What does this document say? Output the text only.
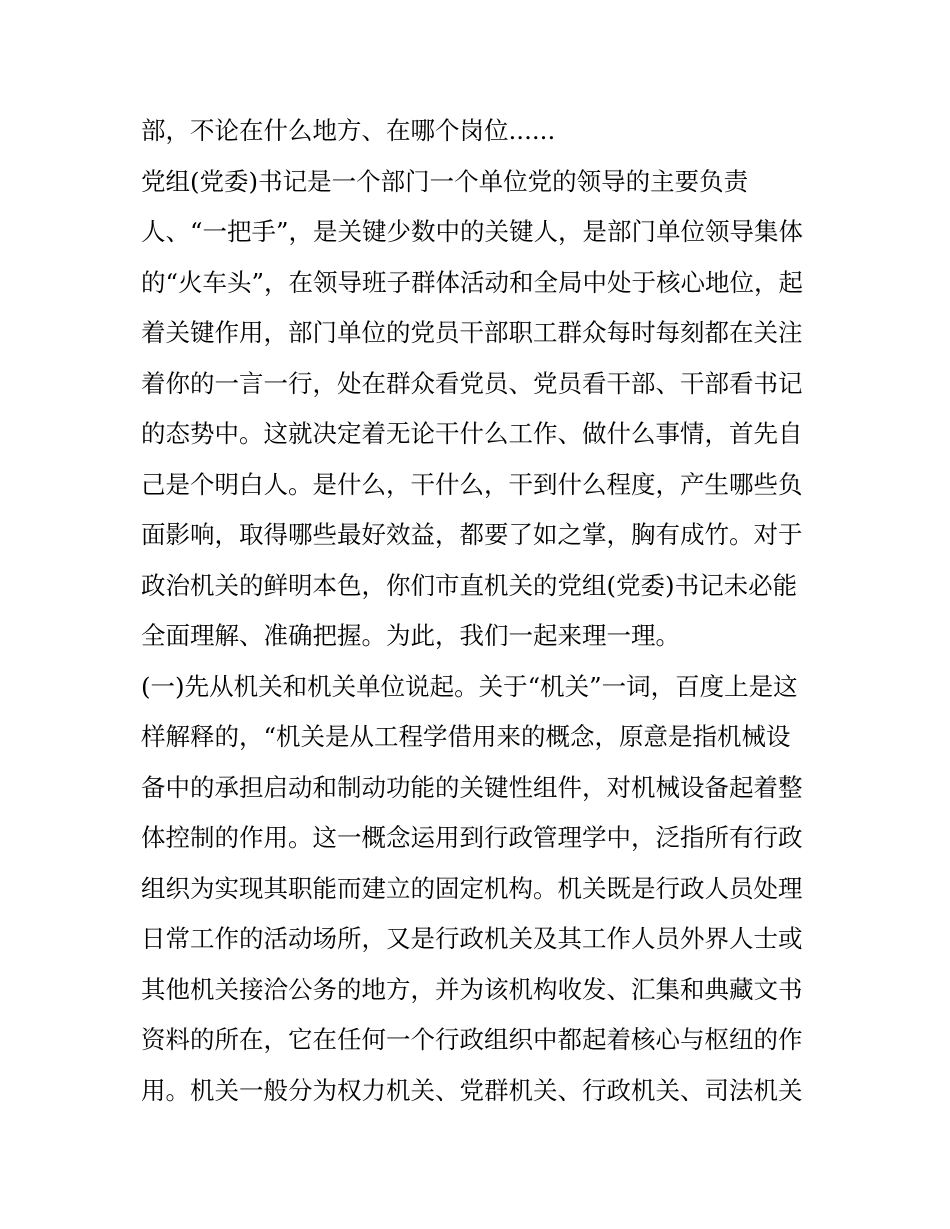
部，不论在什么地方、在哪个岗位......
党组(党委)书记是一个部门一个单位党的领导的主要负责
人、“一把手”，是关键少数中的关键人，是部门单位领导集体
的“火车头”，在领导班子群体活动和全局中处于核心地位，起
着关键作用，部门单位的党员干部职工群众每时每刻都在关注
着你的一言一行，处在群众看党员、党员看干部、干部看书记
的态势中。这就决定着无论干什么工作、做什么事情，首先自
己是个明白人。是什么，干什么，干到什么程度，产生哪些负
面影响，取得哪些最好效益，都要了如之掌，胸有成竹。对于
政治机关的鲜明本色，你们市直机关的党组(党委)书记未必能
全面理解、准确把握。为此，我们一起来理一理。
(一)先从机关和机关单位说起。关于“机关”一词，百度上是这
样解释的，“机关是从工程学借用来的概念，原意是指机械设
备中的承担启动和制动功能的关键性组件，对机械设备起着整
体控制的作用。这一概念运用到行政管理学中，泛指所有行政
组织为实现其职能而建立的固定机构。机关既是行政人员处理
日常工作的活动场所，又是行政机关及其工作人员外界人士或
其他机关接洽公务的地方，并为该机构收发、汇集和典藏文书
资料的所在，它在任何一个行政组织中都起着核心与枢纽的作
用。机关一般分为权力机关、党群机关、行政机关、司法机关
